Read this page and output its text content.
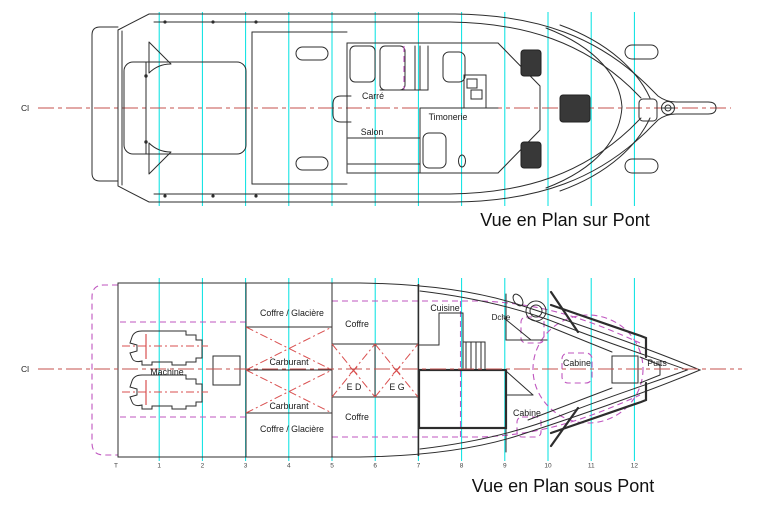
Cl
Carré
Salon
Timonerie
Vue en Plan sur Pont
Cl
Coffre / Glacière
Coffre / Glacière
Carburant
Carburant
Coffre
Coffre
E D	E G
Machine
Cuisine
Dche
Cabine
Cabine
Puits
Vue en Plan sous Pont
T	1	2	3	4	5	6	7	8	9	10	11	12
